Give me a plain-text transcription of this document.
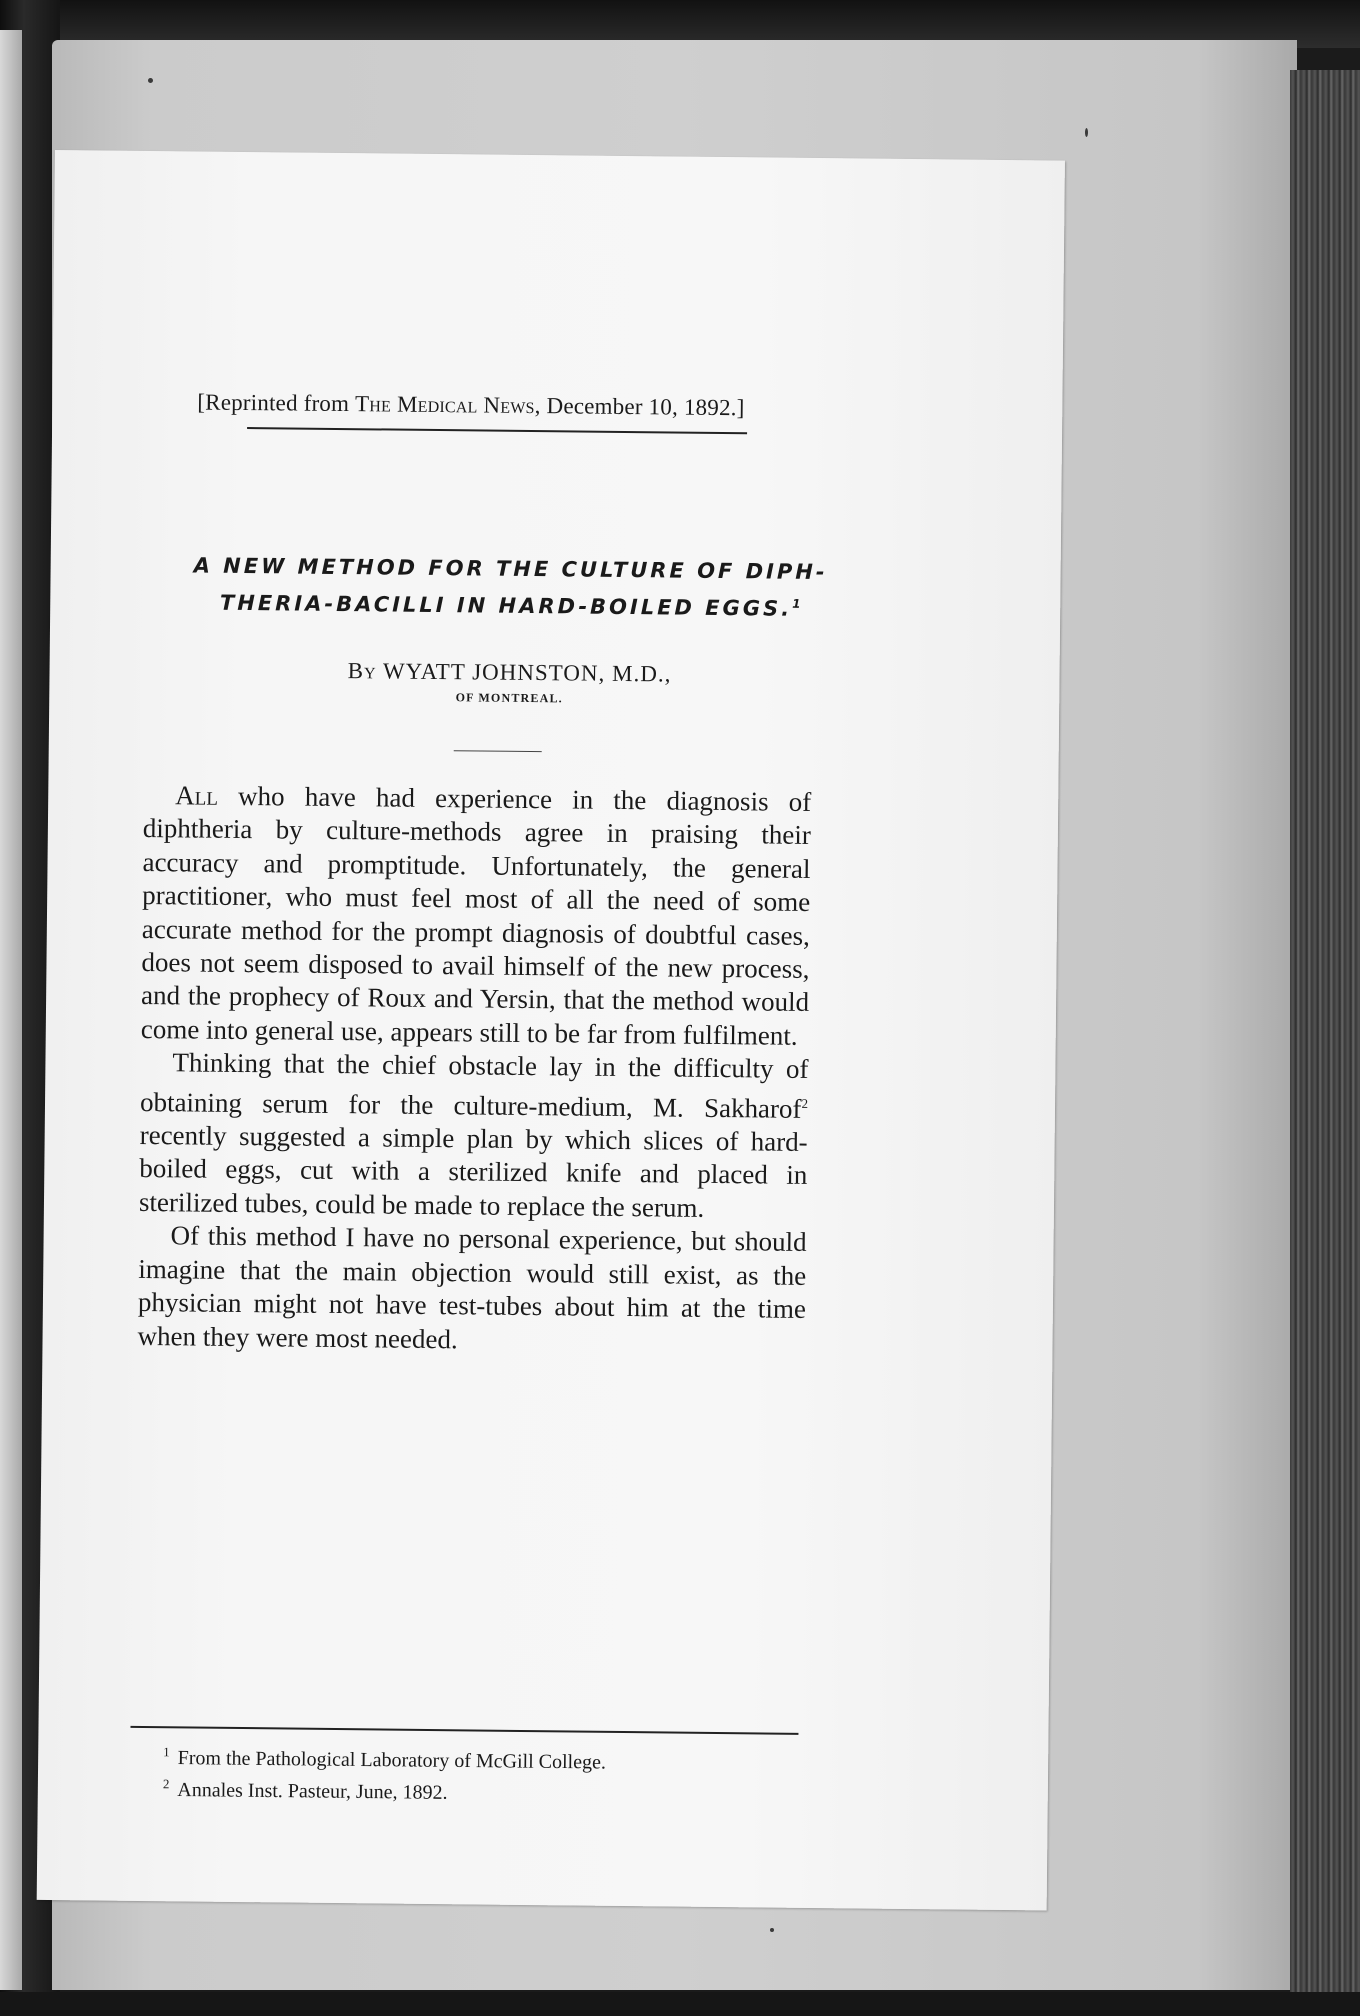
[Reprinted from The Medical News, December 10, 1892.]
A NEW METHOD FOR THE CULTURE OF DIPH-
THERIA-BACILLI IN HARD-BOILED EGGS.$^1$
By WYATT JOHNSTON, M.D.,
OF MONTREAL.

All who have had experience in the diagnosis of diphtheria by culture-methods agree in praising their accuracy and promptitude. Unfortunately, the general practitioner, who must feel most of all the need of some accurate method for the prompt diagnosis of doubtful cases, does not seem disposed to avail himself of the new process, and the prophecy of Roux and Yersin, that the method would come into general use, appears still to be far from fulfilment.

Thinking that the chief obstacle lay in the difficulty of obtaining serum for the culture-medium, M. Sakharof$^2$ recently suggested a simple plan by which slices of hard-boiled eggs, cut with a sterilized knife and placed in sterilized tubes, could be made to replace the serum.

Of this method I have no personal experience, but should imagine that the main objection would still exist, as the physician might not have test-tubes about him at the time when they were most needed.

$^1$ From the Pathological Laboratory of McGill College.
$^2$ Annales Inst. Pasteur, June, 1892.
